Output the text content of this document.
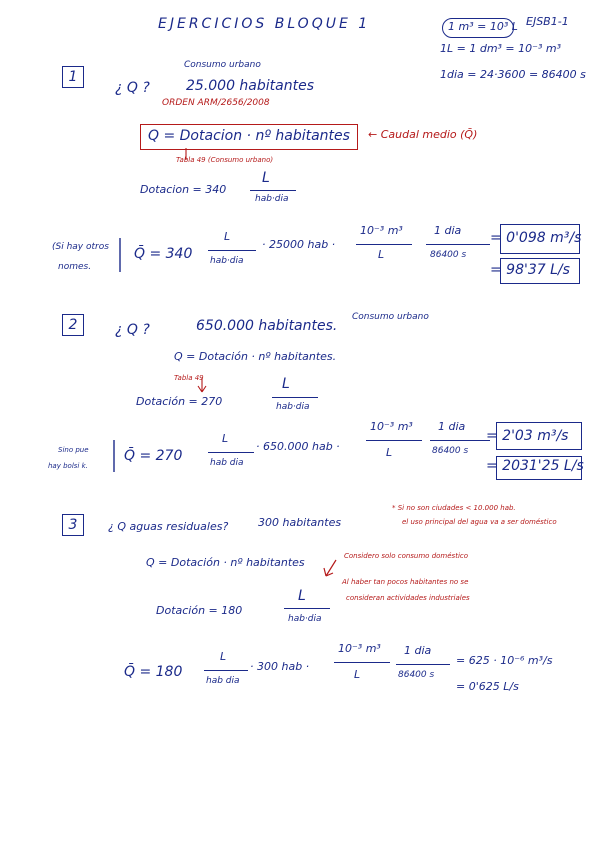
EJERCICIOS BLOQUE 1	EJSB1-1
1 m³ = 10³ L
1L = 1 dm³ = 10⁻³ m³
1dia = 24·3600 = 86400 s
1
Consumo urbano
¿ Q ?	25.000 habitantes
ORDEN ARM/2656/2008
Q = Dotacion · nº habitantes ← Caudal medio (Q̄)
Tabla 49 (Consumo urbano)
Dotacion = 340
L
hab·dia
(Si hay otros
nomes.
Q̄ = 340
L
hab·dia
· 25000 hab ·
10⁻³ m³
L
1 dia
86400 s
= 0'098 m³/s
= 98'37 L/s
2	¿ Q ?	650.000 habitantes.
Consumo urbano
Q = Dotación · nº habitantes.
Tabla 49
Dotación = 270
L
hab·dia
Sino pue
hay bolsi k.
Q̄ = 270
L
hab dia
· 650.000 hab ·
10⁻³ m³
L
1 dia
86400 s
= 2'03 m³/s
= 2031'25 L/s
3	¿ Q aguas residuales?	300 habitantes
* Si no son ciudades < 10.000 hab.
el uso principal del agua va a ser doméstico
Q = Dotación · nº habitantes	Considero solo consumo doméstico
Al haber tan pocos habitantes no se
consideran actividades industriales
Dotación = 180
L
hab·dia
Q̄ = 180
L
hab dia
· 300 hab ·
10⁻³ m³
L
1 dia
86400 s
= 625 · 10⁻⁶ m³/s
= 0'625 L/s
